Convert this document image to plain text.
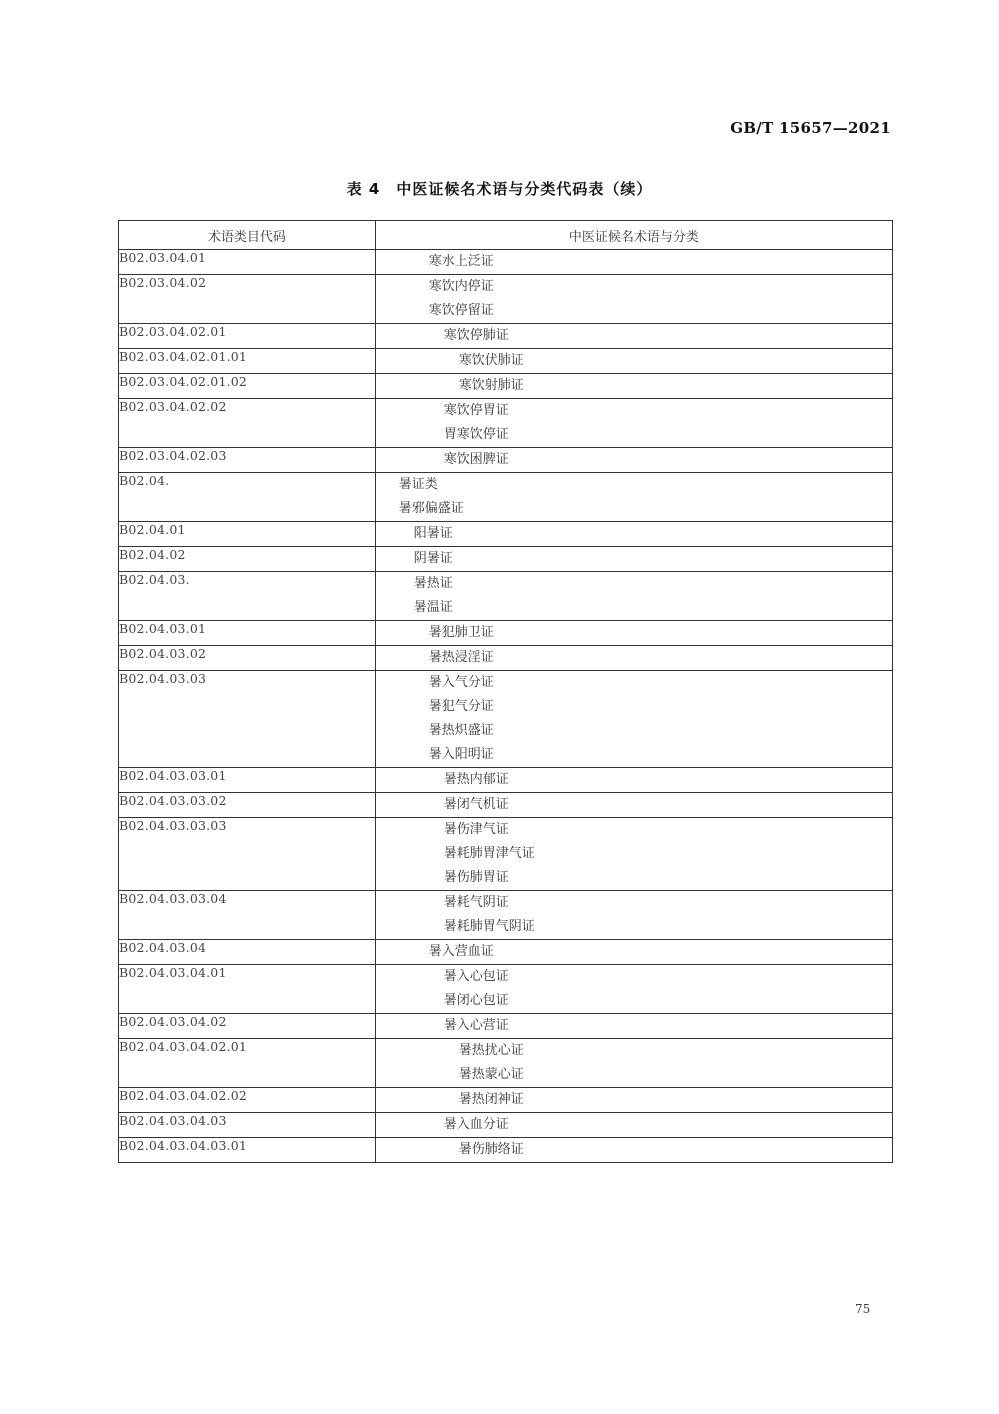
GB/T 15657—2021
表 4　中医证候名术语与分类代码表（续）
术语类目代码	中医证候名术语与分类
B02.03.04.01	寒水上泛证

B02.03.04.02	寒饮内停证
寒饮停留证

B02.03.04.02.01	寒饮停肺证

B02.03.04.02.01.01	寒饮伏肺证

B02.03.04.02.01.02	寒饮射肺证

B02.03.04.02.02	寒饮停胃证
胃寒饮停证

B02.03.04.02.03	寒饮困脾证

B02.04.	暑证类
暑邪偏盛证

B02.04.01	阳暑证

B02.04.02	阴暑证

B02.04.03.	暑热证
暑温证

B02.04.03.01	暑犯肺卫证

B02.04.03.02	暑热浸淫证

B02.04.03.03	暑入气分证
暑犯气分证
暑热炽盛证
暑入阳明证

B02.04.03.03.01	暑热内郁证

B02.04.03.03.02	暑闭气机证

B02.04.03.03.03	暑伤津气证
暑耗肺胃津气证
暑伤肺胃证

B02.04.03.03.04	暑耗气阴证
暑耗肺胃气阴证

B02.04.03.04	暑入营血证

B02.04.03.04.01	暑入心包证
暑闭心包证

B02.04.03.04.02	暑入心营证

B02.04.03.04.02.01	暑热扰心证
暑热蒙心证

B02.04.03.04.02.02	暑热闭神证

B02.04.03.04.03	暑入血分证

B02.04.03.04.03.01	暑伤肺络证
75
